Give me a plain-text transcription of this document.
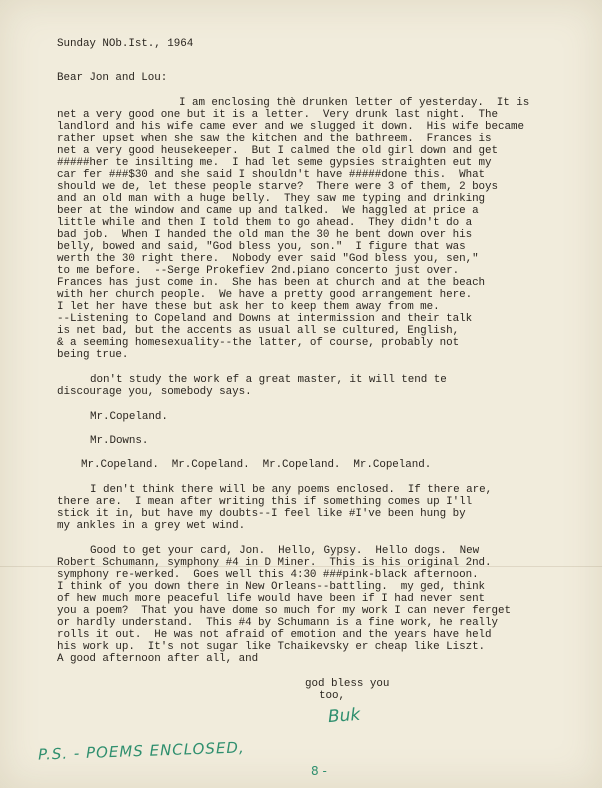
Sunday NOb.Ist., 1964
Bear Jon and Lou:
I am enclosing thè drunken letter of yesterday.  It is
net a very good one but it is a letter.  Very drunk last night.  The
landlord and his wife came ever and we slugged it down.  His wife became
rather upset when she saw the kitchen and the bathreem.  Frances is
net a very good heusekeeper.  But I calmed the old girl down and get
#####her te insilting me.  I had let seme gypsies straighten eut my
car fer ###$30 and she said I shouldn't have #####done this.  What
should we de, let these people starve?  There were 3 of them, 2 boys
and an old man with a huge belly.  They saw me typing and drinking
beer at the window and came up and talked.  We haggled at price a
little while and then I told them to go ahead.  They didn't do a
bad job.  When I handed the old man the 30 he bent down over his
belly, bowed and said, "God bless you, son."  I figure that was
werth the 30 right there.  Nobody ever said "God bless you, sen,"
to me before.  --Serge Prokefiev 2nd.piano concerto just over.
Frances has just come in.  She has been at church and at the beach
with her church people.  We have a pretty good arrangement here.
I let her have these but ask her to keep them away from me.
--Listening to Copeland and Downs at intermission and their talk
is net bad, but the accents as usual all se cultured, English,
& a seeming homesexuality--the latter, of course, probably not
being true.
don't study the work ef a great master, it will tend te
discourage you, somebody says.
Mr.Copeland.
Mr.Downs.
Mr.Copeland.  Mr.Copeland.  Mr.Copeland.  Mr.Copeland.
I den't think there will be any poems enclosed.  If there are,
there are.  I mean after writing this if something comes up I'll
stick it in, but have my doubts--I feel like #I've been hung by
my ankles in a grey wet wind.
Good to get your card, Jon.  Hello, Gypsy.  Hello dogs.  New
Robert Schumann, symphony #4 in D Miner.  This is his original 2nd.
symphony re-werked.  Goes well this 4:30 ###pink-black afternoon.
I think of you down there in New Orleans--battling.  my ged, think
of hew much more peaceful life would have been if I had never sent
you a poem?  That you have dome so much for my work I can never ferget
or hardly understand.  This #4 by Schumann is a fine work, he really
rolls it out.  He was not afraid of emotion and the years have held
his work up.  It's not sugar like Tchaikevsky er cheap like Liszt.
A good afternoon after all, and
god bless you
too,
Buk
P.S. - POEMS ENCLOSED,
8 -
